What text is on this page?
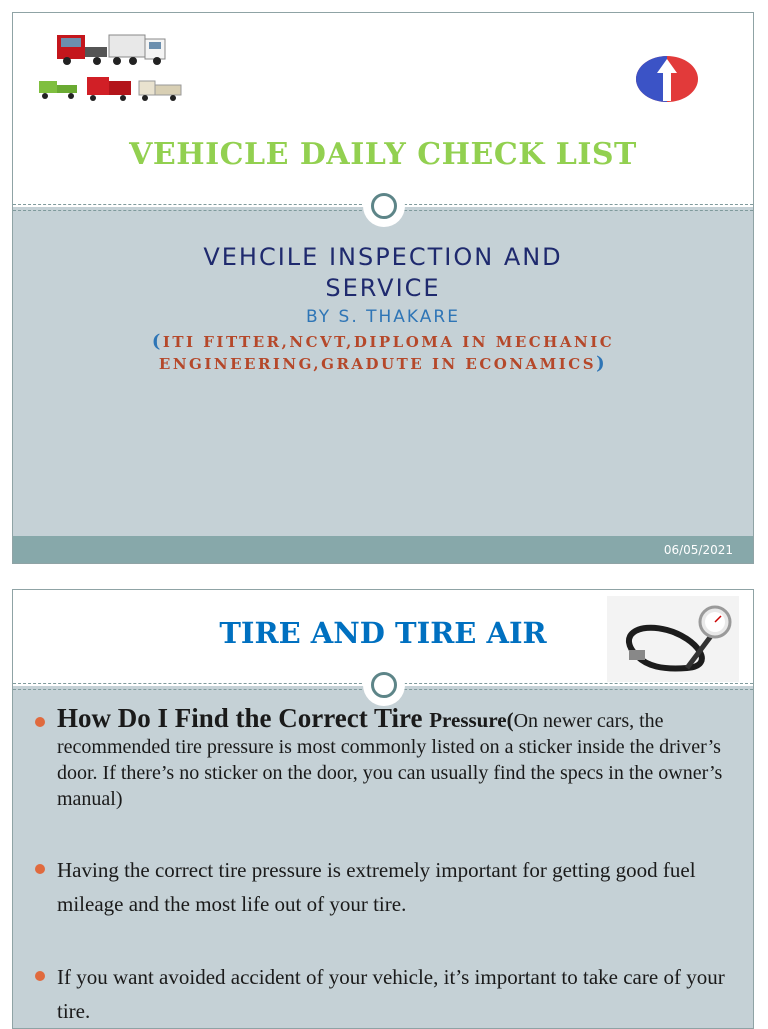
VEHICLE DAILY CHECK LIST
VEHCILE INSPECTION AND
SERVICE
BY S. THAKARE
(ITI FITTER,NCVT,DIPLOMA IN MECHANIC
ENGINEERING,GRADUTE IN ECONAMICS)
06/05/2021
TIRE AND TIRE AIR
How Do I Find the Correct Tire Pressure(On newer cars, the recommended tire pressure is most commonly listed on a sticker inside the driver’s door. If there’s no sticker on the door, you can usually find the specs in the owner’s manual)
Having the correct tire pressure is extremely important for getting good fuel mileage and the most life out of your tire.
If you want avoided accident of your vehicle, it’s important to take care of your tire.
